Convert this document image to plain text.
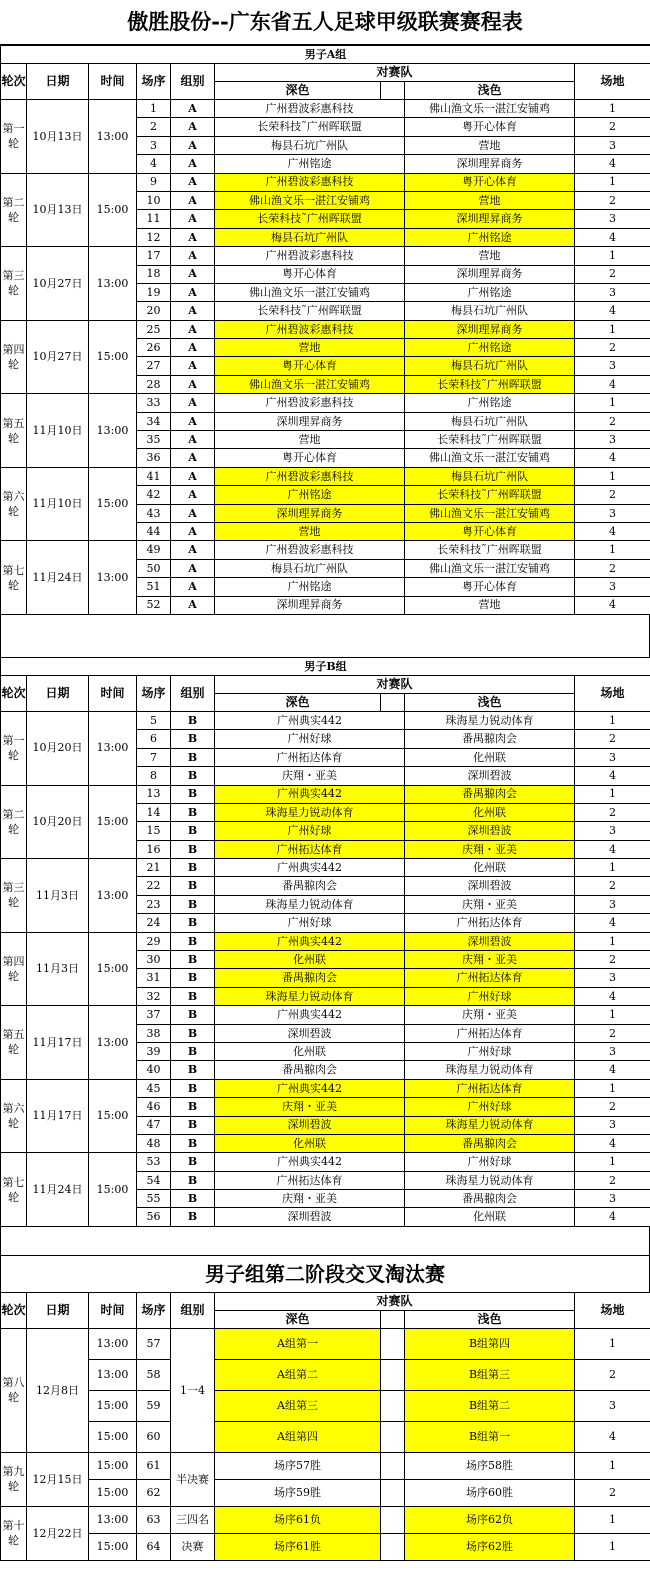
傲胜股份--广东省五人足球甲级联赛赛程表
男子A组								
轮次	日期	时间	场序	组别	对赛队			场地
					深色		浅色	
第一轮	10月13日	13:00	1	A	广州碧波彩惠科技		佛山渔文乐一湛江安铺鸡	1
			2	A	长荣科技˜广州晖联盟		粤开心体育	2
			3	A	梅县石坑广州队		营地	3
			4	A	广州铭途		深圳理昇商务	4
第二轮	10月13日	15:00	9	A	广州碧波彩惠科技		粤开心体育	1
			10	A	佛山渔文乐一湛江安铺鸡		营地	2
			11	A	长荣科技˜广州晖联盟		深圳理昇商务	3
			12	A	梅县石坑广州队		广州铭途	4
第三轮	10月27日	13:00	17	A	广州碧波彩惠科技		营地	1
			18	A	粤开心体育		深圳理昇商务	2
			19	A	佛山渔文乐一湛江安铺鸡		广州铭途	3
			20	A	长荣科技˜广州晖联盟		梅县石坑广州队	4
第四轮	10月27日	15:00	25	A	广州碧波彩惠科技		深圳理昇商务	1
			26	A	营地		广州铭途	2
			27	A	粤开心体育		梅县石坑广州队	3
			28	A	佛山渔文乐一湛江安铺鸡		长荣科技˜广州晖联盟	4
第五轮	11月10日	13:00	33	A	广州碧波彩惠科技		广州铭途	1
			34	A	深圳理昇商务		梅县石坑广州队	2
			35	A	营地		长荣科技˜广州晖联盟	3
			36	A	粤开心体育		佛山渔文乐一湛江安铺鸡	4
第六轮	11月10日	15:00	41	A	广州碧波彩惠科技		梅县石坑广州队	1
			42	A	广州铭途		长荣科技˜广州晖联盟	2
			43	A	深圳理昇商务		佛山渔文乐一湛江安铺鸡	3
			44	A	营地		粤开心体育	4
第七轮	11月24日	13:00	49	A	广州碧波彩惠科技		长荣科技˜广州晖联盟	1
			50	A	梅县石坑广州队		佛山渔文乐一湛江安铺鸡	2
			51	A	广州铭途		粤开心体育	3
			52	A	深圳理昇商务		营地	4
男子B组								
轮次	日期	时间	场序	组别	对赛队			场地
					深色		浅色	
第一轮	10月20日	13:00	5	B	广州典实442		珠海星力锐动体育	1
			6	B	广州好球		番禺翞肉会	2
			7	B	广州拓达体育		化州联	3
			8	B	庆翔・亚美		深圳碧波	4
第二轮	10月20日	15:00	13	B	广州典实442		番禺翞肉会	1
			14	B	珠海星力锐动体育		化州联	2
			15	B	广州好球		深圳碧波	3
			16	B	广州拓达体育		庆翔・亚美	4
第三轮	11月3日	13:00	21	B	广州典实442		化州联	1
			22	B	番禺翞肉会		深圳碧波	2
			23	B	珠海星力锐动体育		庆翔・亚美	3
			24	B	广州好球		广州拓达体育	4
第四轮	11月3日	15:00	29	B	广州典实442		深圳碧波	1
			30	B	化州联		庆翔・亚美	2
			31	B	番禺翞肉会		广州拓达体育	3
			32	B	珠海星力锐动体育		广州好球	4
第五轮	11月17日	13:00	37	B	广州典实442		庆翔・亚美	1
			38	B	深圳碧波		广州拓达体育	2
			39	B	化州联		广州好球	3
			40	B	番禺翞肉会		珠海星力锐动体育	4
第六轮	11月17日	15:00	45	B	广州典实442		广州拓达体育	1
			46	B	庆翔・亚美		广州好球	2
			47	B	深圳碧波		珠海星力锐动体育	3
			48	B	化州联		番禺翞肉会	4
第七轮	11月24日	15:00	53	B	广州典实442		广州好球	1
			54	B	广州拓达体育		珠海星力锐动体育	2
			55	B	庆翔・亚美		番禺翞肉会	3
			56	B	深圳碧波		化州联	4
男子组第二阶段交叉淘汰赛
轮次	日期	时间	场序	组别	对赛队			场地
					深色		浅色	
第八轮	12月8日	13:00	57	1一4	A组第一		B组第四	1
		13:00	58		A组第二		B组第三	2
		15:00	59		A组第三		B组第二	3
		15:00	60		A组第四		B组第一	4
第九轮	12月15日	15:00	61	半决赛	场序57胜		场序58胜	1
		15:00	62		场序59胜		场序60胜	2
第十轮	12月22日	13:00	63	三四名	场序61负		场序62负	1
		15:00	64	决赛	场序61胜		场序62胜	1
